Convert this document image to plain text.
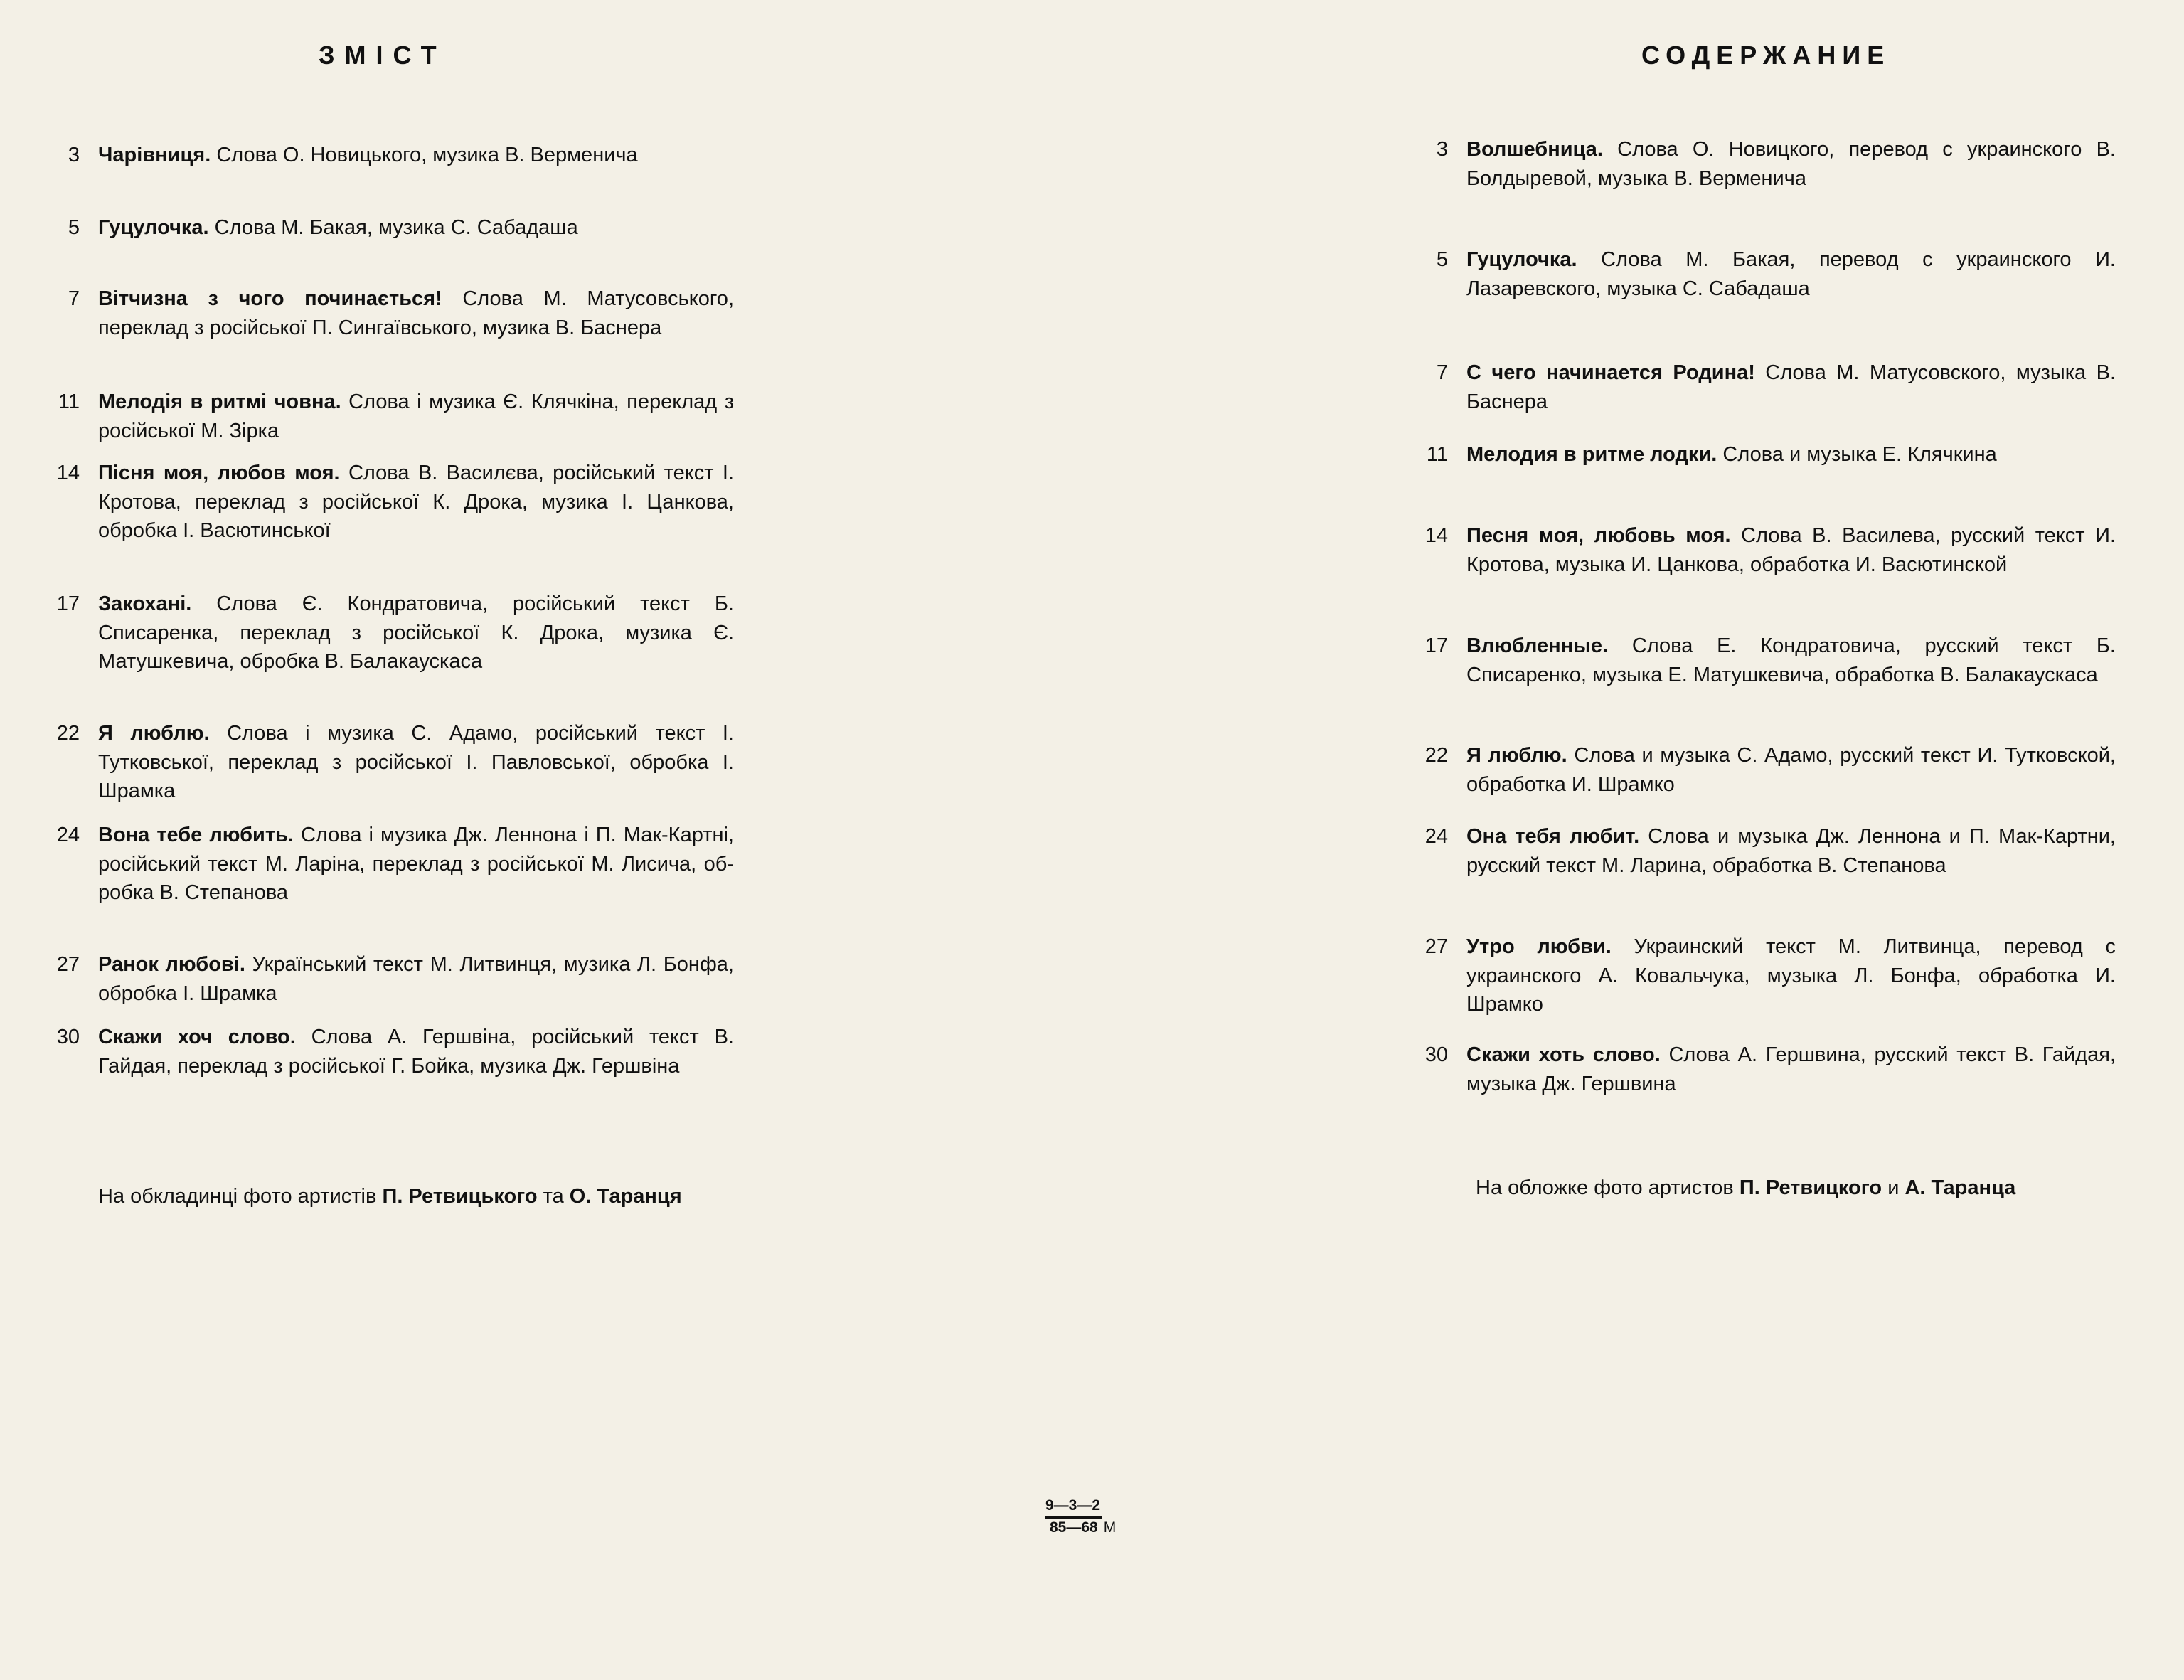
ЗМІСТ
3 Чарівниця. Слова О. Новицького, музика В. Верменича
5 Гуцулочка. Слова М. Бакая, музика С. Сабадаша
7 Вітчизна з чого починається! Слова М. Матусовського, переклад з російської П. Сингаївського, музика В. Баснера
11 Мелодія в ритмі човна. Слова і музика Є. Клячкіна, переклад з російської М. Зірка
14 Пісня моя, любов моя. Слова В. Василєва, російський текст І. Кротова, переклад з російської К. Дрока, музика І. Цанкова, обробка І. Васютинської
17 Закохані. Слова Є. Кондратовича, російський текст Б. Списаренка, переклад з російської К. Дрока, музика Є. Матушкевича, обробка В. Балакаускаса
22 Я люблю. Слова і музика С. Адамо, російський текст І. Тутковської, переклад з російської І. Павловської, обробка І. Шрамка
24 Вона тебе любить. Слова і музика Дж. Леннона і П. Мак-Картні, російський текст М. Ларіна, переклад з російської М. Лисича, обробка В. Степанова
27 Ранок любові. Український текст М. Литвинця, музика Л. Бонфа, обробка І. Шрамка
30 Скажи хоч слово. Слова А. Гершвіна, російський текст В. Гайдая, переклад з російської Г. Бойка, музика Дж. Гершвіна
На обкладинці фото артистів П. Ретвицького та О. Таранця
СОДЕРЖАНИЕ
3 Волшебница. Слова О. Новицкого, перевод с украинского В. Болдыревой, музыка В. Верменича
5 Гуцулочка. Слова М. Бакая, перевод с украинского И. Лазаревского, музыка С. Сабадаша
7 С чего начинается Родина! Слова М. Матусовского, музыка В. Баснера
11 Мелодия в ритме лодки. Слова и музыка Е. Клячкина
14 Песня моя, любовь моя. Слова В. Василева, русский текст И. Кротова, музыка И. Цанкова, обработка И. Васютинской
17 Влюбленные. Слова Е. Кондратовича, русский текст Б. Списаренко, музыка Е. Матушкевича, обработка В. Балакаускаса
22 Я люблю. Слова и музыка С. Адамо, русский текст И. Тутковской, обработка И. Шрамко
24 Она тебя любит. Слова и музыка Дж. Леннона и П. Мак-Картни, русский текст М. Ларина, обработка В. Степанова
27 Утро любви. Украинский текст М. Литвинца, перевод с украинского А. Ковальчука, музыка Л. Бонфа, обработка И. Шрамко
30 Скажи хоть слово. Слова А. Гершвина, русский текст В. Гайдая, музыка Дж. Гершвина
На обложке фото артистов П. Ретвицкого и А. Таранца
9—3—2
85—68 М
